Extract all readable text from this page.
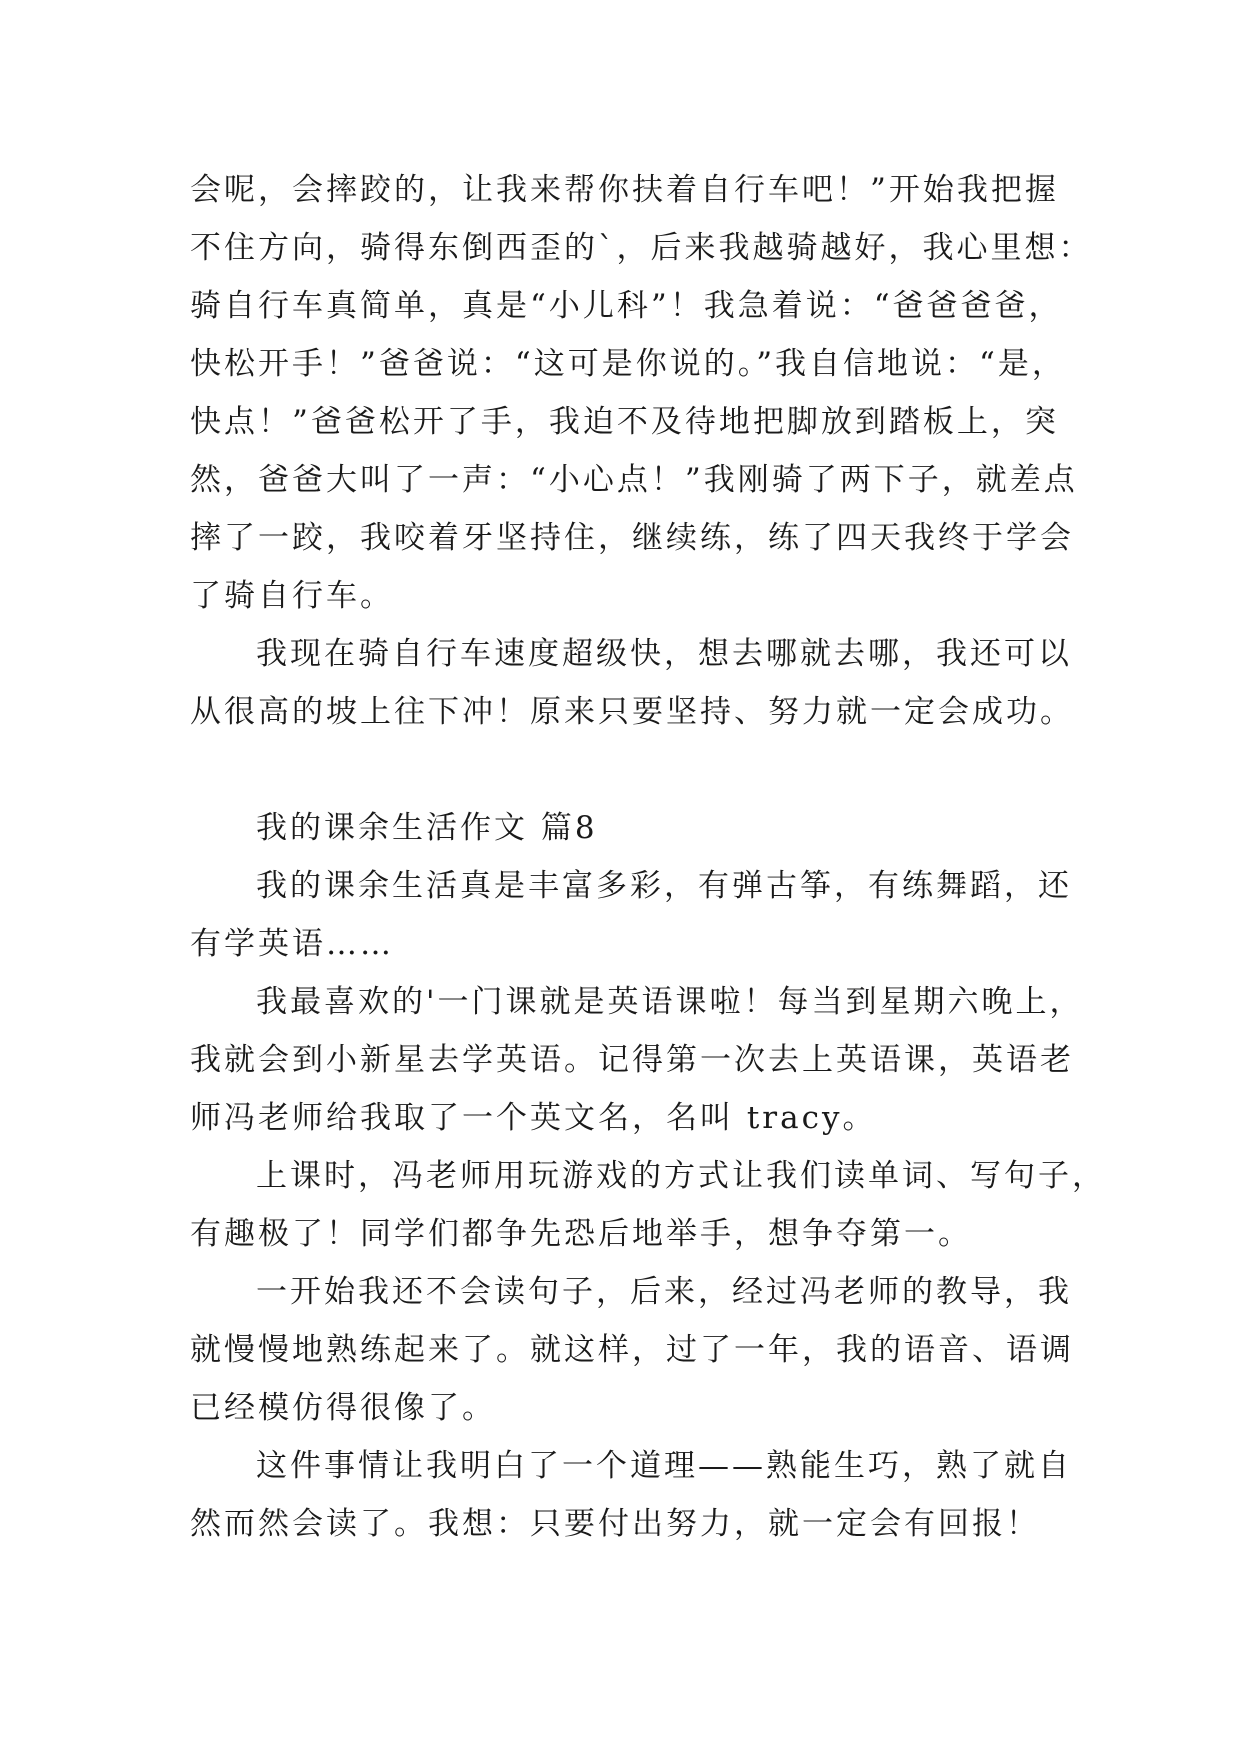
会呢，会摔跤的，让我来帮你扶着自行车吧！”开始我把握
不住方向，骑得东倒西歪的`，后来我越骑越好，我心里想：
骑自行车真简单，真是“小儿科”！我急着说：“爸爸爸爸，
快松开手！”爸爸说：“这可是你说的。”我自信地说：“是，
快点！”爸爸松开了手，我迫不及待地把脚放到踏板上，突
然，爸爸大叫了一声：“小心点！”我刚骑了两下子，就差点
摔了一跤，我咬着牙坚持住，继续练，练了四天我终于学会
了骑自行车。
我现在骑自行车速度超级快，想去哪就去哪，我还可以
从很高的坡上往下冲！原来只要坚持、努力就一定会成功。
我的课余生活作文 篇8
我的课余生活真是丰富多彩，有弹古筝，有练舞蹈，还
有学英语……
我最喜欢的'一门课就是英语课啦！每当到星期六晚上，
我就会到小新星去学英语。记得第一次去上英语课，英语老
师冯老师给我取了一个英文名，名叫 tracy。
上课时，冯老师用玩游戏的方式让我们读单词、写句子，
有趣极了！同学们都争先恐后地举手，想争夺第一。
一开始我还不会读句子，后来，经过冯老师的教导，我
就慢慢地熟练起来了。就这样，过了一年，我的语音、语调
已经模仿得很像了。
这件事情让我明白了一个道理——熟能生巧，熟了就自
然而然会读了。我想：只要付出努力，就一定会有回报！
